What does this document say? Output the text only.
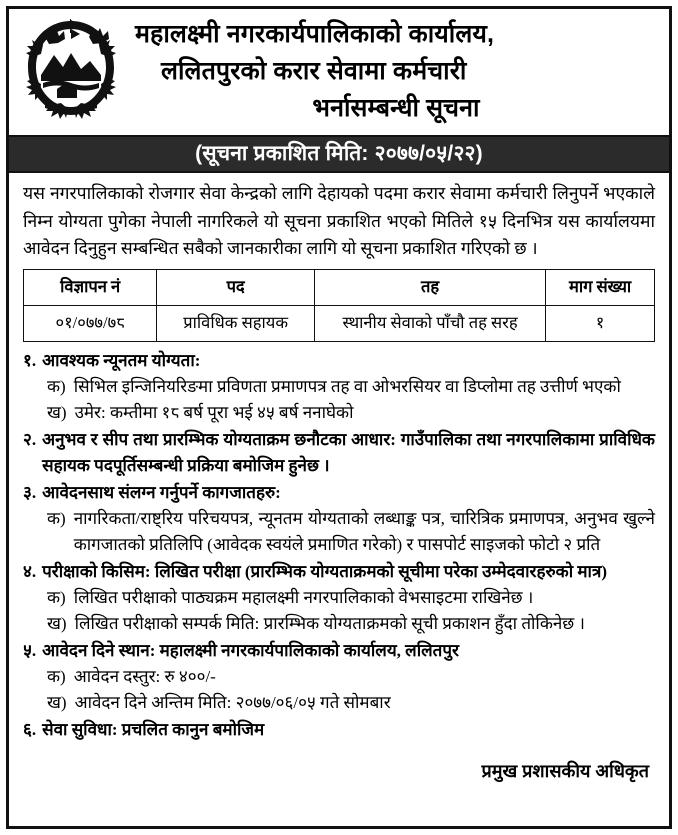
महालक्ष्मी नगरकार्यपालिकाको कार्यालय,
ललितपुरको करार सेवामा कर्मचारी
भर्नासम्बन्धी सूचना
(सूचना प्रकाशित मिति: २०७७/०५/२२)

यस नगरपालिकाको रोजगार सेवा केन्द्रको लागि देहायको पदमा करार सेवामा कर्मचारी लिनुपर्ने भएकाले निम्न योग्यता पुगेका नेपाली नागरिकले यो सूचना प्रकाशित भएको मितिले १५ दिनभित्र यस कार्यालयमा आवेदन दिनुहुन सम्बन्धित सबैको जानकारीका लागि यो सूचना प्रकाशित गरिएको छ ।

विज्ञापन नं	पद	तह	माग संख्या
०१/०७७/७८	प्राविधिक सहायक	स्थानीय सेवाको पाँचौ तह सरह	१
१. आवश्यक न्यूनतम योग्यता:
क) सिभिल इन्जिनियरिङमा प्रविणता प्रमाणपत्र तह वा ओभरसियर वा डिप्लोमा तह उत्तीर्ण भएको
ख) उमेर: कम्तीमा १८ बर्ष पूरा भई ४५ बर्ष ननाघेको
२. अनुभव र सीप तथा प्रारम्भिक योग्यताक्रम छनौटका आधार: गाउँपालिका तथा नगरपालिकामा प्राविधिक सहायक पदपूर्तिसम्बन्धी प्रक्रिया बमोजिम हुनेछ ।
३. आवेदनसाथ संलग्न गर्नुपर्ने कागजातहरु:
क) नागरिकता/राष्ट्रिय परिचयपत्र, न्यूनतम योग्यताको लब्धाङ्क पत्र, चारित्रिक प्रमाणपत्र, अनुभव खुल्ने कागजातको प्रतिलिपि (आवेदक स्वयंले प्रमाणित गरेको) र पासपोर्ट साइजको फोटो २ प्रति
४. परीक्षाको किसिम: लिखित परीक्षा (प्रारम्भिक योग्यताक्रमको सूचीमा परेका उम्मेदवारहरुको मात्र)
क) लिखित परीक्षाको पाठ्यक्रम महालक्ष्मी नगरपालिकाको वेभसाइटमा राखिनेछ ।
ख) लिखित परीक्षाको सम्पर्क मिति: प्रारम्भिक योग्यताक्रमको सूची प्रकाशन हुँदा तोकिनेछ ।
५. आवेदन दिने स्थान: महालक्ष्मी नगरकार्यपालिकाको कार्यालय, ललितपुर
क) आवेदन दस्तुर: रु ४००/-
ख) आवेदन दिने अन्तिम मिति: २०७७/०६/०५ गते सोमबार
६. सेवा सुविधा: प्रचलित कानुन बमोजिम
प्रमुख प्रशासकीय अधिकृत
